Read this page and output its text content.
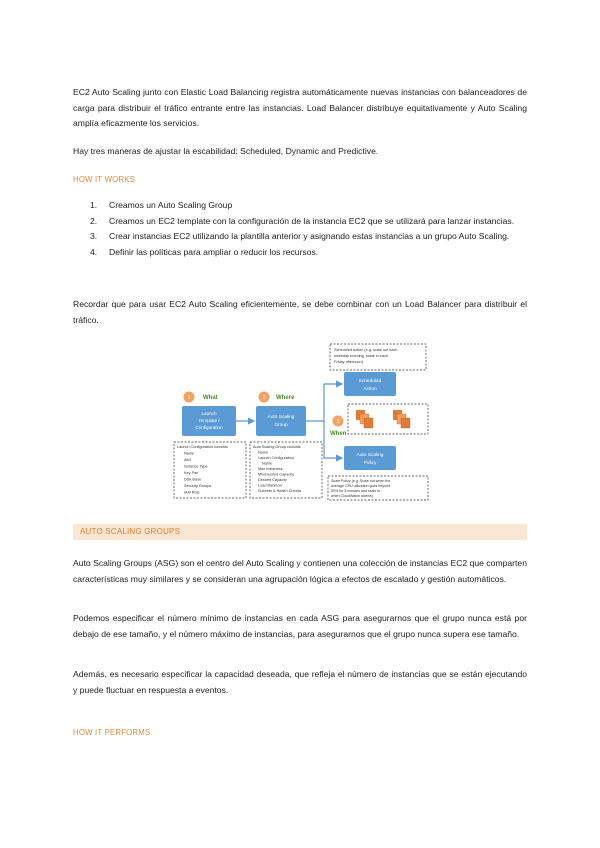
EC2 Auto Scaling junto con Elastic Load Balancing registra automáticamente nuevas instancias con balanceadores de carga para distribuir el tráfico entrante entre las instancias. Load Balancer distribuye equitativamente y Auto Scaling amplía eficazmente los servicios.

Hay tres maneras de ajustar la escabilidad: Scheduled, Dynamic and Predictive.

HOW IT WORKS
1. Creamos un Auto Scaling Group
2. Creamos un EC2 template con la configuración de la instancia EC2 que se utilizará para lanzar instancias.
3. Crear instancias EC2 utilizando la plantilla anterior y asignando estas instancias a un grupo Auto Scaling.
4. Definir las políticas para ampliar o reducir los recursos.

Recordar que para usar EC2 Auto Scaling eficientemente, se debe combinar con un Load Balancer para distribuir el tráfico.

Scheduled Action (e.g. scale out each
weekday morning, scale in each
Friday afternoon)
1 What	2 Where
3
When
Launch
Template /
Configuration
Auto Scaling
Group
Scheduled
Action
Auto Scaling
Policy
Launch Configuration consists
Name
AMI
Instance Type
Key Pair
Disk Base
Security Groups
IAM Role
Auto Scaling Group consists
Name
Launch Configuration
Name
Max Instances
Min/Desired Capacity
Desired Capacity
Load Balancer
Subnets & Health Checks
Scale Policy (e.g. Scale out when the
average CPU utilization goes beyond
50% for 3 minutes and scale in
when CloudWatch alarms)
AUTO SCALING GROUPS

Auto Scaling Groups (ASG) son el centro del Auto Scaling y contienen una colección de instancias EC2 que comparten características muy similares y se consideran una agrupación lógica a efectos de escalado y gestión automáticos.

Podemos especificar el número mínimo de instancias en cada ASG para asegurarnos que el grupo nunca está por debajo de ese tamaño, y el número máximo de instancias, para asegurarnos que el grupo nunca supera ese tamaño.

Además, es necesario especificar la capacidad deseada, que refleja el número de instancias que se están ejecutando y puede fluctuar en respuesta a eventos.

HOW IT PERFORMS
